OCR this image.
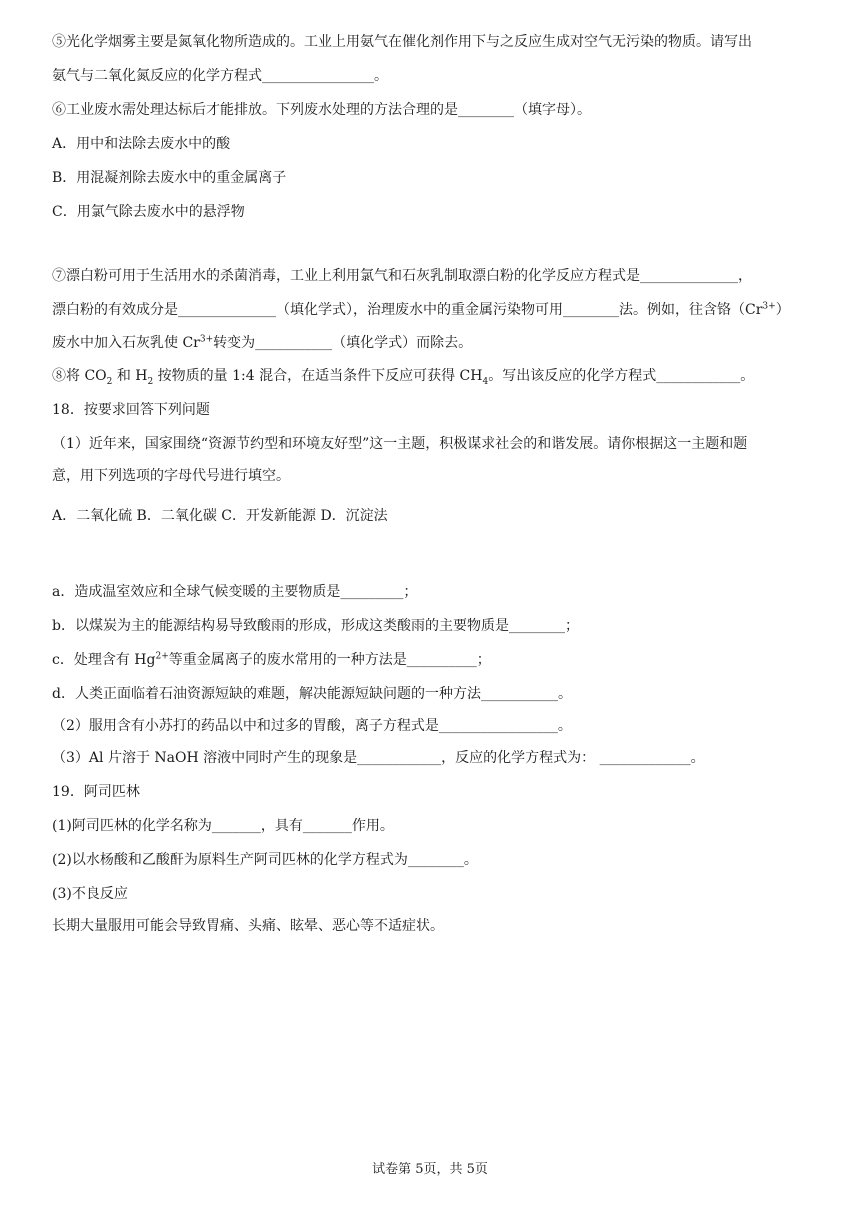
⑤光化学烟雾主要是氮氧化物所造成的。工业上用氨气在催化剂作用下与之反应生成对空气无污染的物质。请写出
氨气与二氧化氮反应的化学方程式________________。
⑥工业废水需处理达标后才能排放。下列废水处理的方法合理的是________（填字母）。
A．用中和法除去废水中的酸
B．用混凝剂除去废水中的重金属离子
C．用氯气除去废水中的悬浮物
⑦漂白粉可用于生活用水的杀菌消毒，工业上利用氯气和石灰乳制取漂白粉的化学反应方程式是______________，
漂白粉的有效成分是______________（填化学式），治理废水中的重金属污染物可用________法。例如，往含铬$(Cr^{3+})$
废水中加入石灰乳使 $Cr^{3+}$转变为___________（填化学式）而除去。
⑧将 $CO_2$ 和 $H_2$ 按物质的量 1:4 混合，在适当条件下反应可获得 $CH_4$。写出该反应的化学方程式____________。
18．按要求回答下列问题
（1）近年来，国家围绕“资源节约型和环境友好型”这一主题，积极谋求社会的和谐发展。请你根据这一主题和题
意，用下列选项的字母代号进行填空。
A．二氧化硫 B．二氧化碳 C．开发新能源 D．沉淀法
a．造成温室效应和全球气候变暖的主要物质是_________；
b．以煤炭为主的能源结构易导致酸雨的形成，形成这类酸雨的主要物质是________；
c．处理含有 $Hg^{2+}$等重金属离子的废水常用的一种方法是__________；
d．人类正面临着石油资源短缺的难题，解决能源短缺问题的一种方法___________。
（2）服用含有小苏打的药品以中和过多的胃酸，离子方程式是_________________。
（3）Al 片溶于 NaOH 溶液中同时产生的现象是____________，反应的化学方程式为： _____________。
19．阿司匹林
(1)阿司匹林的化学名称为_______，具有_______作用。
(2)以水杨酸和乙酸酐为原料生产阿司匹林的化学方程式为________。
(3)不良反应
长期大量服用可能会导致胃痛、头痛、眩晕、恶心等不适症状。
试卷第 5页，共 5页
